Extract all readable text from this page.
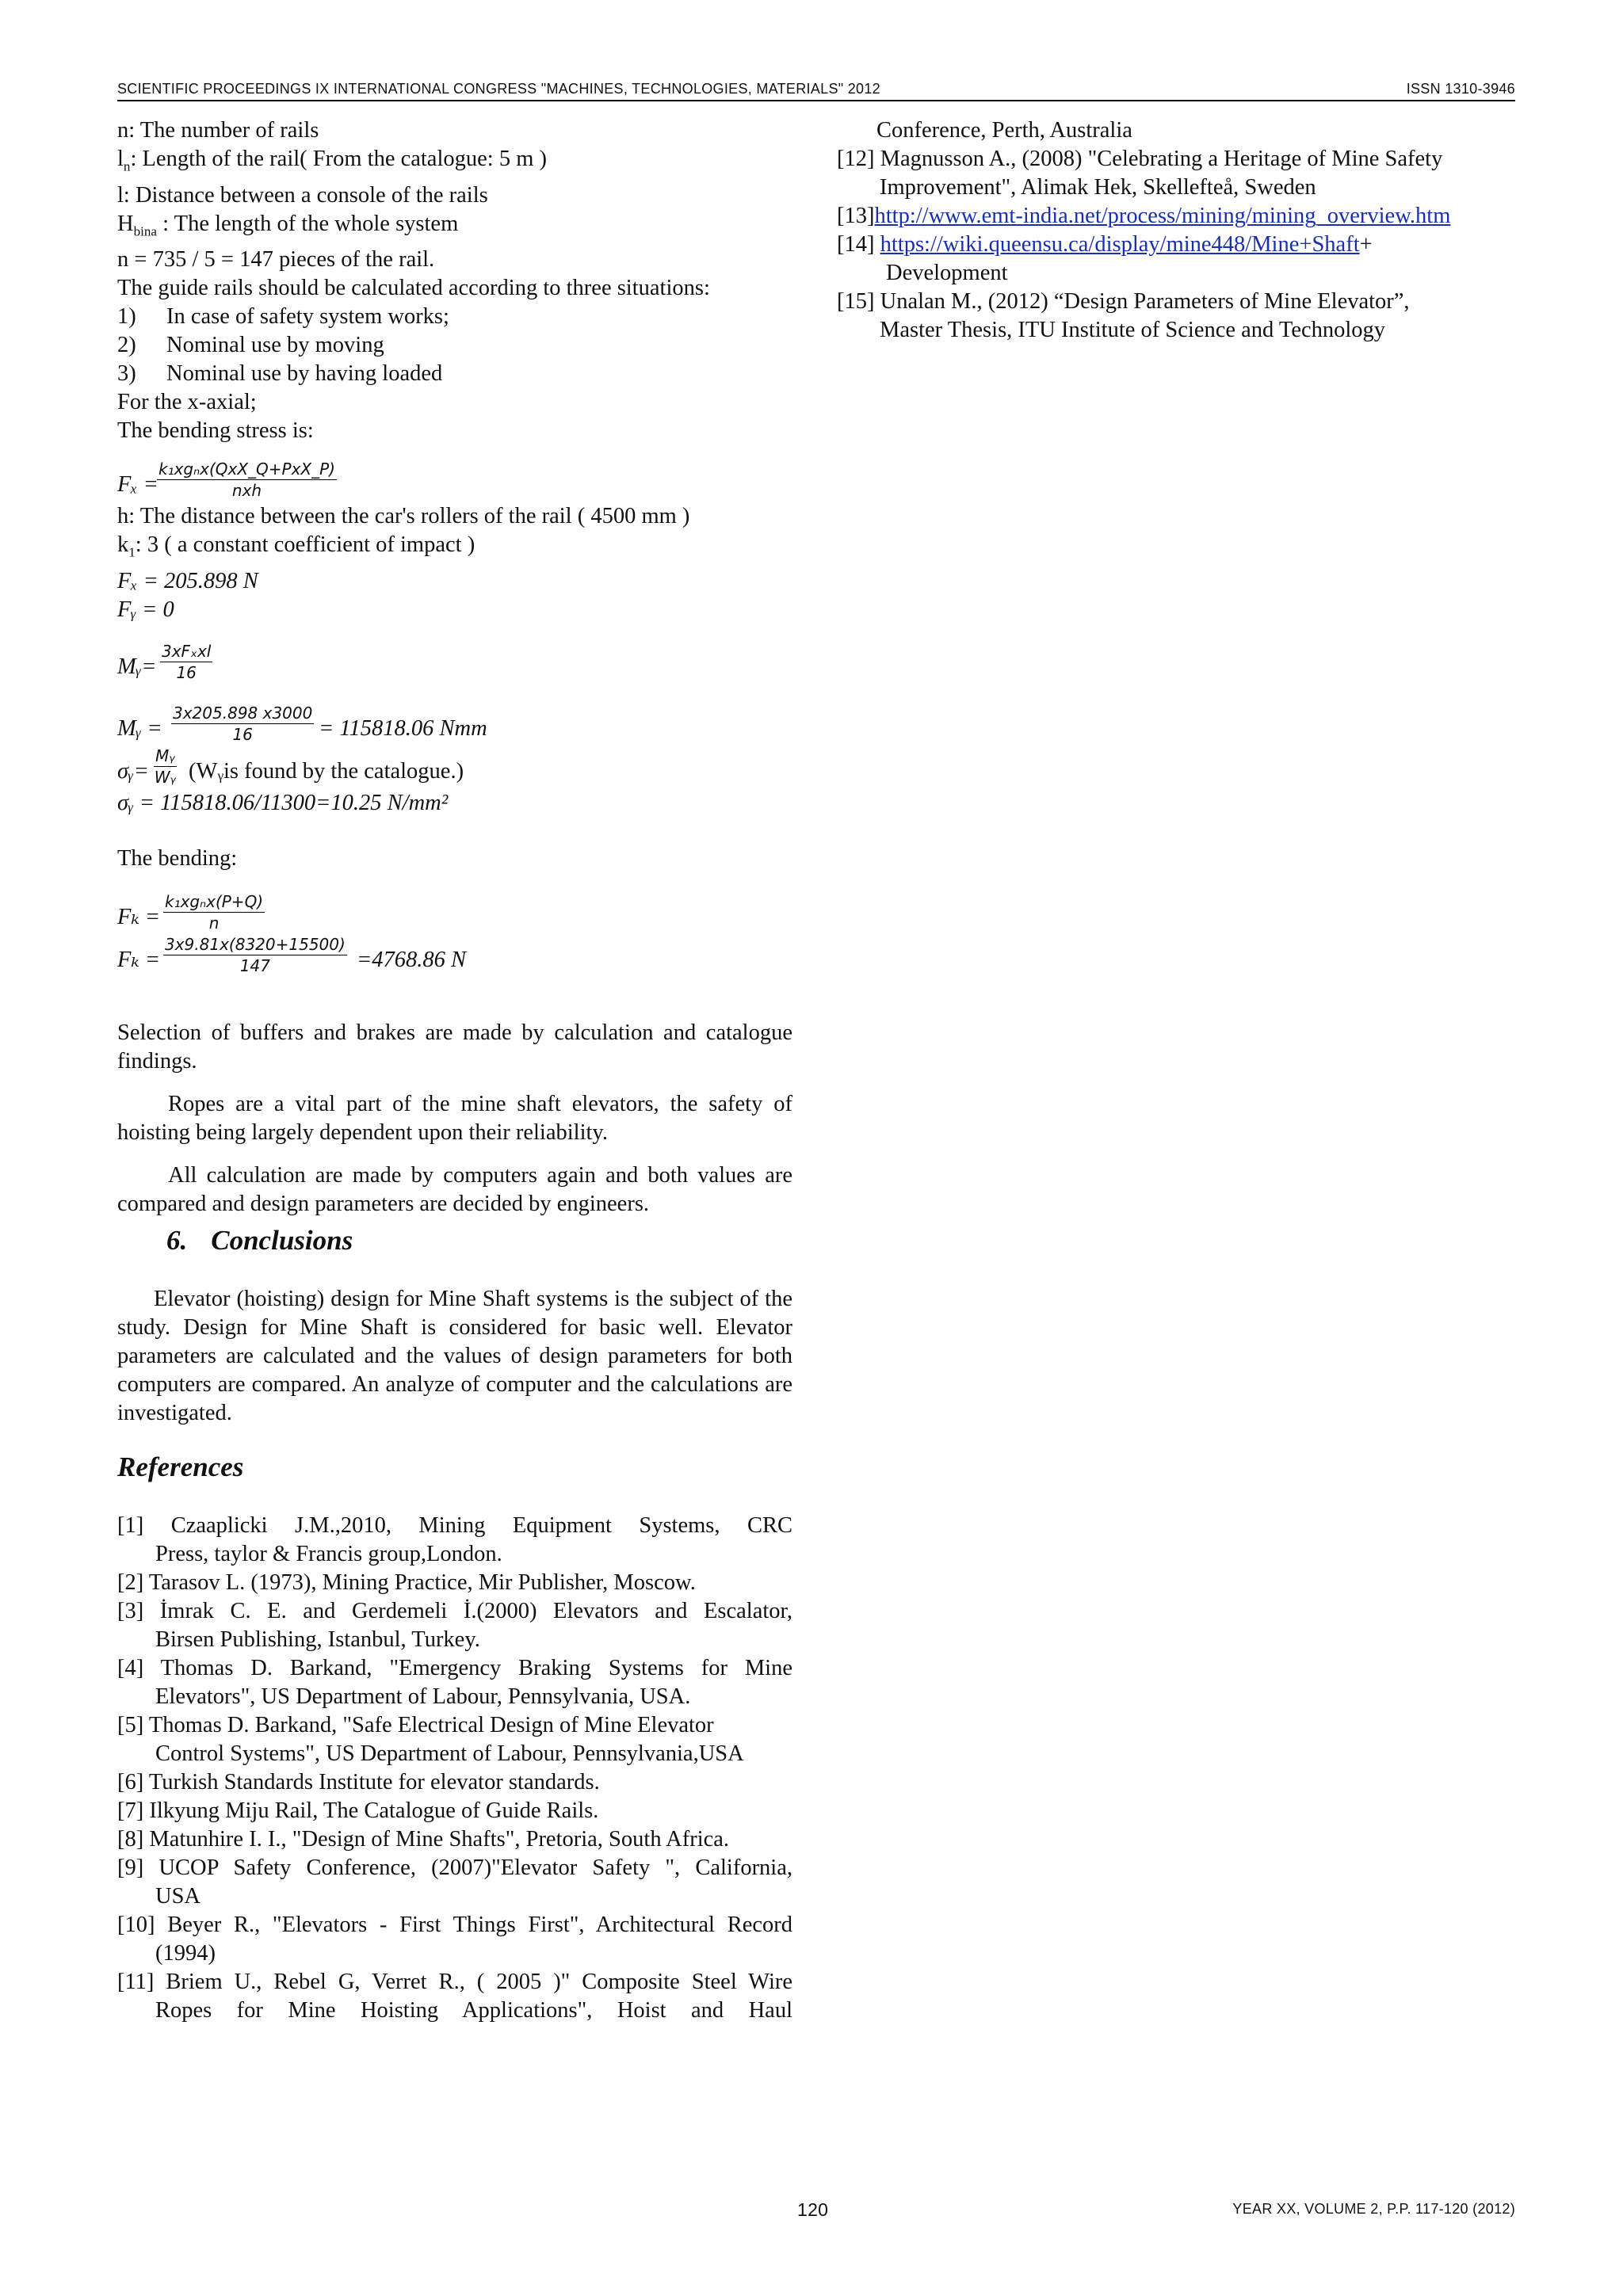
SCIENTIFIC PROCEEDINGS IX INTERNATIONAL CONGRESS "MACHINES, TECHNOLOGIES, MATERIALS" 2012	ISSN 1310-3946
n: The number of rails
$l_n$: Length of the rail( From the catalogue: 5 m )
l: Distance between a console of the rails
$H_{bina}$ : The length of the whole system
n = 735 / 5 = 147 pieces of the rail.
The guide rails should be calculated according to three situations:
1)	In case of safety system works;
2)	Nominal use by moving
3)	Nominal use by having loaded
For the x-axial;
The bending stress is:
Fₓ =
k₁xgₙx(QxX_Q+PxX_P)
nxh
h: The distance between the car's rollers of the rail ( 4500 mm )
$k_1$: 3 ( a constant coefficient of impact )
Fₓ = 205.898 N
Fᵧ = 0
Mᵧ=
3xFₓxl
16
Mᵧ = $\frac{3x205.898 x3000}{16} = 115818.06$ Nmm
σᵧ= $\frac{\text{Mᵧ}}{\text{Wᵧ}}$ (Wᵧis found by the catalogue.)
σᵧ = 115818.06/11300=10.25 N/mm²
The bending:
Fₖ =
k₁xgₙx(P+Q)
n
$F_k = \frac{3x9.81x(8320+15500)}{147} =4768.86$ N

Selection of buffers and brakes are made by calculation and catalogue findings.

Ropes are a vital part of the mine shaft elevators, the safety of hoisting being largely dependent upon their reliability.

All calculation are made by computers again and both values are compared and design parameters are decided by engineers.

6. Conclusions

Elevator (hoisting) design for Mine Shaft systems is the subject of the study. Design for Mine Shaft is considered for basic well. Elevator parameters are calculated and the values of design parameters for both computers are compared. An analyze of computer and the calculations are investigated.

References
[1] Czaaplicki J.M.,2010, Mining Equipment Systems, CRC
Press, taylor & Francis group,London.
[2] Tarasov L. (1973), Mining Practice, Mir Publisher, Moscow.
[3] İmrak C. E. and Gerdemeli İ.(2000) Elevators and Escalator,
Birsen Publishing, Istanbul, Turkey.
[4] Thomas D. Barkand, "Emergency Braking Systems for Mine
Elevators", US Department of Labour, Pennsylvania, USA.
[5] Thomas D. Barkand, "Safe Electrical Design of Mine Elevator
Control Systems", US Department of Labour, Pennsylvania,USA
[6] Turkish Standards Institute for elevator standards.
[7] Ilkyung Miju Rail, The Catalogue of Guide Rails.
[8] Matunhire I. I., "Design of Mine Shafts", Pretoria, South Africa.
[9] UCOP Safety Conference, (2007)"Elevator Safety ", California,
USA
[10] Beyer R., "Elevators - First Things First", Architectural Record
(1994)
[11] Briem U., Rebel G, Verret R., ( 2005 )" Composite Steel Wire
Ropes for Mine Hoisting Applications", Hoist and Haul
Conference, Perth, Australia
[12] Magnusson A., (2008) "Celebrating a Heritage of Mine Safety
Improvement", Alimak Hek, Skellefteå, Sweden
[13]http://www.emt-india.net/process/mining/mining_overview.htm
[14] https://wiki.queensu.ca/display/mine448/Mine+Shaft+
Development
[15] Unalan M., (2012) “Design Parameters of Mine Elevator”,
Master Thesis, ITU Institute of Science and Technology
120	YEAR XX, VOLUME 2, P.P. 117-120 (2012)
